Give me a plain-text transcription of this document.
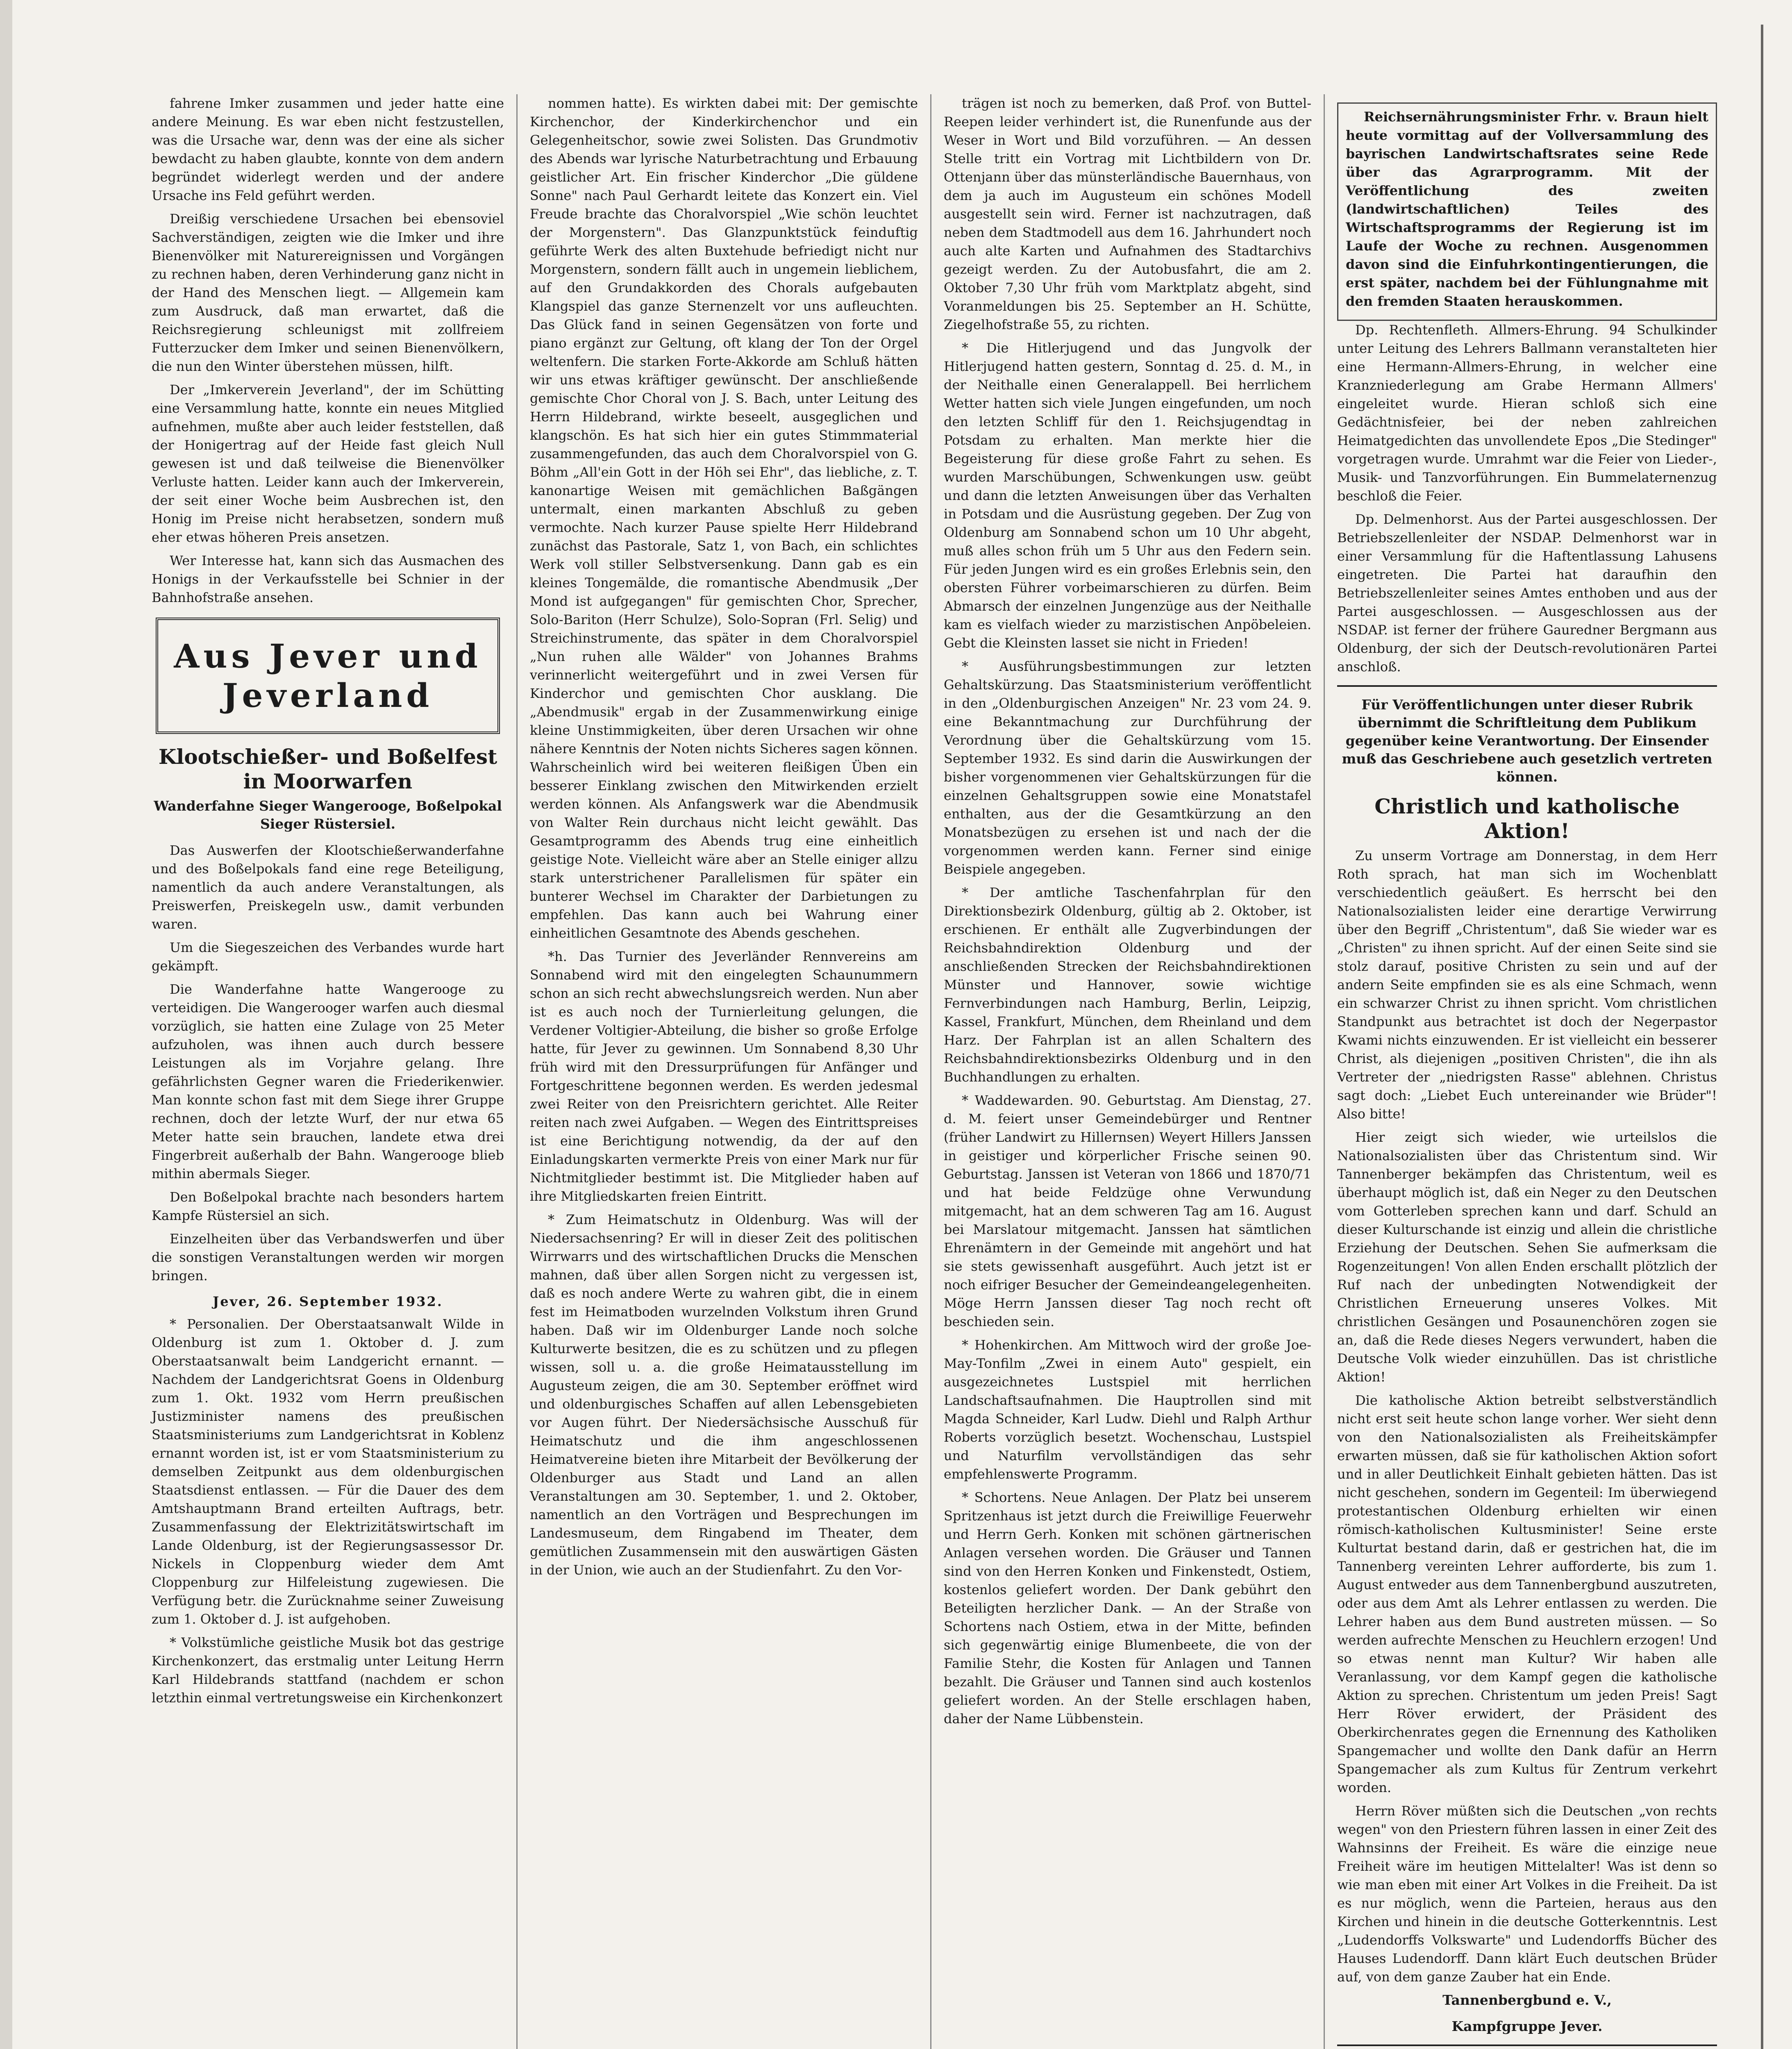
fahrene Imker zusammen und jeder hatte eine andere Meinung. Es war eben nicht festzustellen, was die Ursache war, denn was der eine als sicher bewdacht zu haben glaubte, konnte von dem andern begründet widerlegt werden und der andere Ursache ins Feld geführt werden.

Dreißig verschiedene Ursachen bei ebensoviel Sachverständigen, zeigten wie die Imker und ihre Bienenvölker mit Naturereignissen und Vorgängen zu rechnen haben, deren Verhinderung ganz nicht in der Hand des Menschen liegt. — Allgemein kam zum Ausdruck, daß man erwartet, daß die Reichsregierung schleunigst mit zollfreiem Futterzucker dem Imker und seinen Bienenvölkern, die nun den Winter überstehen müssen, hilft.

Der „Imkerverein Jeverland", der im Schütting eine Versammlung hatte, konnte ein neues Mitglied aufnehmen, mußte aber auch leider feststellen, daß der Honigertrag auf der Heide fast gleich Null gewesen ist und daß teilweise die Bienenvölker Verluste hatten. Leider kann auch der Imkerverein, der seit einer Woche beim Ausbrechen ist, den Honig im Preise nicht herabsetzen, sondern muß eher etwas höheren Preis ansetzen.

Wer Interesse hat, kann sich das Ausmachen des Honigs in der Verkaufsstelle bei Schnier in der Bahnhofstraße ansehen.

Aus Jever und Jeverland
Klootschießer- und Boßelfest in Moorwarfen
Wanderfahne Sieger Wangerooge, Boßelpokal Sieger Rüstersiel.

Das Auswerfen der Klootschießerwanderfahne und des Boßelpokals fand eine rege Beteiligung, namentlich da auch andere Veranstaltungen, als Preiswerfen, Preiskegeln usw., damit verbunden waren.

Um die Siegeszeichen des Verbandes wurde hart gekämpft.

Die Wanderfahne hatte Wangerooge zu verteidigen. Die Wangerooger warfen auch diesmal vorzüglich, sie hatten eine Zulage von 25 Meter aufzuholen, was ihnen auch durch bessere Leistungen als im Vorjahre gelang. Ihre gefährlichsten Gegner waren die Friederikenwier. Man konnte schon fast mit dem Siege ihrer Gruppe rechnen, doch der letzte Wurf, der nur etwa 65 Meter hatte sein brauchen, landete etwa drei Fingerbreit außerhalb der Bahn. Wangerooge blieb mithin abermals Sieger.

Den Boßelpokal brachte nach besonders hartem Kampfe Rüstersiel an sich.

Einzelheiten über das Verbandswerfen und über die sonstigen Veranstaltungen werden wir morgen bringen.

Jever, 26. September 1932.

* Personalien. Der Oberstaatsanwalt Wilde in Oldenburg ist zum 1. Oktober d. J. zum Oberstaatsanwalt beim Landgericht ernannt. — Nachdem der Landgerichtsrat Goens in Oldenburg zum 1. Okt. 1932 vom Herrn preußischen Justizminister namens des preußischen Staatsministeriums zum Landgerichtsrat in Koblenz ernannt worden ist, ist er vom Staatsministerium zu demselben Zeitpunkt aus dem oldenburgischen Staatsdienst entlassen. — Für die Dauer des dem Amtshauptmann Brand erteilten Auftrags, betr. Zusammenfassung der Elektrizitätswirtschaft im Lande Oldenburg, ist der Regierungsassessor Dr. Nickels in Cloppenburg wieder dem Amt Cloppenburg zur Hilfeleistung zugewiesen. Die Verfügung betr. die Zurücknahme seiner Zuweisung zum 1. Oktober d. J. ist aufgehoben.

* Volkstümliche geistliche Musik bot das gestrige Kirchenkonzert, das erstmalig unter Leitung Herrn Karl Hildebrands stattfand (nachdem er schon letzthin einmal vertretungsweise ein Kirchenkonzert

nommen hatte). Es wirkten dabei mit: Der gemischte Kirchenchor, der Kinderkirchenchor und ein Gelegenheitschor, sowie zwei Solisten. Das Grundmotiv des Abends war lyrische Naturbetrachtung und Erbauung geistlicher Art. Ein frischer Kinderchor „Die güldene Sonne" nach Paul Gerhardt leitete das Konzert ein. Viel Freude brachte das Choralvorspiel „Wie schön leuchtet der Morgenstern". Das Glanzpunktstück feinduftig geführte Werk des alten Buxtehude befriedigt nicht nur Morgenstern, sondern fällt auch in ungemein lieblichem, auf den Grundakkorden des Chorals aufgebauten Klangspiel das ganze Sternenzelt vor uns aufleuchten. Das Glück fand in seinen Gegensätzen von forte und piano ergänzt zur Geltung, oft klang der Ton der Orgel weltenfern. Die starken Forte-Akkorde am Schluß hätten wir uns etwas kräftiger gewünscht. Der anschließende gemischte Chor Choral von J. S. Bach, unter Leitung des Herrn Hildebrand, wirkte beseelt, ausgeglichen und klangschön. Es hat sich hier ein gutes Stimmmaterial zusammengefunden, das auch dem Choralvorspiel von G. Böhm „All'ein Gott in der Höh sei Ehr", das liebliche, z. T. kanonartige Weisen mit gemächlichen Baßgängen untermalt, einen markanten Abschluß zu geben vermochte. Nach kurzer Pause spielte Herr Hildebrand zunächst das Pastorale, Satz 1, von Bach, ein schlichtes Werk voll stiller Selbstversenkung. Dann gab es ein kleines Tongemälde, die romantische Abendmusik „Der Mond ist aufgegangen" für gemischten Chor, Sprecher, Solo-Bariton (Herr Schulze), Solo-Sopran (Frl. Selig) und Streichinstrumente, das später in dem Choralvorspiel „Nun ruhen alle Wälder" von Johannes Brahms verinnerlicht weitergeführt und in zwei Versen für Kinderchor und gemischten Chor ausklang. Die „Abendmusik" ergab in der Zusammenwirkung einige kleine Unstimmigkeiten, über deren Ursachen wir ohne nähere Kenntnis der Noten nichts Sicheres sagen können. Wahrscheinlich wird bei weiteren fleißigen Üben ein besserer Einklang zwischen den Mitwirkenden erzielt werden können. Als Anfangswerk war die Abendmusik von Walter Rein durchaus nicht leicht gewählt. Das Gesamtprogramm des Abends trug eine einheitlich geistige Note. Vielleicht wäre aber an Stelle einiger allzu stark unterstrichener Parallelismen für später ein bunterer Wechsel im Charakter der Darbietungen zu empfehlen. Das kann auch bei Wahrung einer einheitlichen Gesamtnote des Abends geschehen.

*h. Das Turnier des Jeverländer Rennvereins am Sonnabend wird mit den eingelegten Schaunummern schon an sich recht abwechslungsreich werden. Nun aber ist es auch noch der Turnierleitung gelungen, die Verdener Voltigier-Abteilung, die bisher so große Erfolge hatte, für Jever zu gewinnen. Um Sonnabend 8,30 Uhr früh wird mit den Dressurprüfungen für Anfänger und Fortgeschrittene begonnen werden. Es werden jedesmal zwei Reiter von den Preisrichtern gerichtet. Alle Reiter reiten nach zwei Aufgaben. — Wegen des Eintrittspreises ist eine Berichtigung notwendig, da der auf den Einladungskarten vermerkte Preis von einer Mark nur für Nichtmitglieder bestimmt ist. Die Mitglieder haben auf ihre Mitgliedskarten freien Eintritt.

* Zum Heimatschutz in Oldenburg. Was will der Niedersachsenring? Er will in dieser Zeit des politischen Wirrwarrs und des wirtschaftlichen Drucks die Menschen mahnen, daß über allen Sorgen nicht zu vergessen ist, daß es noch andere Werte zu wahren gibt, die in einem fest im Heimatboden wurzelnden Volkstum ihren Grund haben. Daß wir im Oldenburger Lande noch solche Kulturwerte besitzen, die es zu schützen und zu pflegen wissen, soll u. a. die große Heimatausstellung im Augusteum zeigen, die am 30. September eröffnet wird und oldenburgisches Schaffen auf allen Lebensgebieten vor Augen führt. Der Niedersächsische Ausschuß für Heimatschutz und die ihm angeschlossenen Heimatvereine bieten ihre Mitarbeit der Bevölkerung der Oldenburger aus Stadt und Land an allen Veranstaltungen am 30. September, 1. und 2. Oktober, namentlich an den Vorträgen und Besprechungen im Landesmuseum, dem Ringabend im Theater, dem gemütlichen Zusammensein mit den auswärtigen Gästen in der Union, wie auch an der Studienfahrt. Zu den Vor-

trägen ist noch zu bemerken, daß Prof. von Buttel-Reepen leider verhindert ist, die Runenfunde aus der Weser in Wort und Bild vorzuführen. — An dessen Stelle tritt ein Vortrag mit Lichtbildern von Dr. Ottenjann über das münsterländische Bauernhaus, von dem ja auch im Augusteum ein schönes Modell ausgestellt sein wird. Ferner ist nachzutragen, daß neben dem Stadtmodell aus dem 16. Jahrhundert noch auch alte Karten und Aufnahmen des Stadtarchivs gezeigt werden. Zu der Autobusfahrt, die am 2. Oktober 7,30 Uhr früh vom Marktplatz abgeht, sind Voranmeldungen bis 25. September an H. Schütte, Ziegelhofstraße 55, zu richten.

* Die Hitlerjugend und das Jungvolk der Hitlerjugend hatten gestern, Sonntag d. 25. d. M., in der Neithalle einen Generalappell. Bei herrlichem Wetter hatten sich viele Jungen eingefunden, um noch den letzten Schliff für den 1. Reichsjugendtag in Potsdam zu erhalten. Man merkte hier die Begeisterung für diese große Fahrt zu sehen. Es wurden Marschübungen, Schwenkungen usw. geübt und dann die letzten Anweisungen über das Verhalten in Potsdam und die Ausrüstung gegeben. Der Zug von Oldenburg am Sonnabend schon um 10 Uhr abgeht, muß alles schon früh um 5 Uhr aus den Federn sein. Für jeden Jungen wird es ein großes Erlebnis sein, den obersten Führer vorbeimarschieren zu dürfen. Beim Abmarsch der einzelnen Jungenzüge aus der Neithalle kam es vielfach wieder zu marzistischen Anpöbeleien. Gebt die Kleinsten lasset sie nicht in Frieden!

* Ausführungsbestimmungen zur letzten Gehaltskürzung. Das Staatsministerium veröffentlicht in den „Oldenburgischen Anzeigen" Nr. 23 vom 24. 9. eine Bekanntmachung zur Durchführung der Verordnung über die Gehaltskürzung vom 15. September 1932. Es sind darin die Auswirkungen der bisher vorgenommenen vier Gehaltskürzungen für die einzelnen Gehaltsgruppen sowie eine Monatstafel enthalten, aus der die Gesamtkürzung an den Monatsbezügen zu ersehen ist und nach der die vorgenommen werden kann. Ferner sind einige Beispiele angegeben.

* Der amtliche Taschenfahrplan für den Direktionsbezirk Oldenburg, gültig ab 2. Oktober, ist erschienen. Er enthält alle Zugverbindungen der Reichsbahndirektion Oldenburg und der anschließenden Strecken der Reichsbahndirektionen Münster und Hannover, sowie wichtige Fernverbindungen nach Hamburg, Berlin, Leipzig, Kassel, Frankfurt, München, dem Rheinland und dem Harz. Der Fahrplan ist an allen Schaltern des Reichsbahndirektionsbezirks Oldenburg und in den Buchhandlungen zu erhalten.

* Waddewarden. 90. Geburtstag. Am Dienstag, 27. d. M. feiert unser Gemeindebürger und Rentner (früher Landwirt zu Hillernsen) Weyert Hillers Janssen in geistiger und körperlicher Frische seinen 90. Geburtstag. Janssen ist Veteran von 1866 und 1870/71 und hat beide Feldzüge ohne Verwundung mitgemacht, hat an dem schweren Tag am 16. August bei Marslatour mitgemacht. Janssen hat sämtlichen Ehrenämtern in der Gemeinde mit angehört und hat sie stets gewissenhaft ausgeführt. Auch jetzt ist er noch eifriger Besucher der Gemeindeangelegenheiten. Möge Herrn Janssen dieser Tag noch recht oft beschieden sein.

* Hohenkirchen. Am Mittwoch wird der große Joe-May-Tonfilm „Zwei in einem Auto" gespielt, ein ausgezeichnetes Lustspiel mit herrlichen Landschaftsaufnahmen. Die Hauptrollen sind mit Magda Schneider, Karl Ludw. Diehl und Ralph Arthur Roberts vorzüglich besetzt. Wochenschau, Lustspiel und Naturfilm vervollständigen das sehr empfehlenswerte Programm.

* Schortens. Neue Anlagen. Der Platz bei unserem Spritzenhaus ist jetzt durch die Freiwillige Feuerwehr und Herrn Gerh. Konken mit schönen gärtnerischen Anlagen versehen worden. Die Gräuser und Tannen sind von den Herren Konken und Finkenstedt, Ostiem, kostenlos geliefert worden. Der Dank gebührt den Beteiligten herzlicher Dank. — An der Straße von Schortens nach Ostiem, etwa in der Mitte, befinden sich gegenwärtig einige Blumenbeete, die von der Familie Stehr, die Kosten für Anlagen und Tannen bezahlt. Die Gräuser und Tannen sind auch kostenlos geliefert worden. An der Stelle erschlagen haben, daher der Name Lübbenstein.

Reichsernährungsminister Frhr. v. Braun hielt heute vormittag auf der Vollversammlung des bayrischen Landwirtschaftsrates seine Rede über das Agrarprogramm. Mit der Veröffentlichung des zweiten (landwirtschaftlichen) Teiles des Wirtschaftsprogramms der Regierung ist im Laufe der Woche zu rechnen. Ausgenommen davon sind die Einfuhrkontingentierungen, die erst später, nachdem bei der Fühlungnahme mit den fremden Staaten herauskommen.

Dp. Rechtenfleth. Allmers-Ehrung. 94 Schulkinder unter Leitung des Lehrers Ballmann veranstalteten hier eine Hermann-Allmers-Ehrung, in welcher eine Kranzniederlegung am Grabe Hermann Allmers' eingeleitet wurde. Hieran schloß sich eine Gedächtnisfeier, bei der neben zahlreichen Heimatgedichten das unvollendete Epos „Die Stedinger" vorgetragen wurde. Umrahmt war die Feier von Lieder-, Musik- und Tanzvorführungen. Ein Bummelaternenzug beschloß die Feier.

Dp. Delmenhorst. Aus der Partei ausgeschlossen. Der Betriebszellenleiter der NSDAP. Delmenhorst war in einer Versammlung für die Haftentlassung Lahusens eingetreten. Die Partei hat daraufhin den Betriebszellenleiter seines Amtes enthoben und aus der Partei ausgeschlossen. — Ausgeschlossen aus der NSDAP. ist ferner der frühere Gauredner Bergmann aus Oldenburg, der sich der Deutsch-revolutionären Partei anschloß.

Für Veröffentlichungen unter dieser Rubrik übernimmt die Schriftleitung dem Publikum gegenüber keine Verantwortung. Der Einsender muß das Geschriebene auch gesetzlich vertreten können.
Christlich und katholische Aktion!

Zu unserm Vortrage am Donnerstag, in dem Herr Roth sprach, hat man sich im Wochenblatt verschiedentlich geäußert. Es herrscht bei den Nationalsozialisten leider eine derartige Verwirrung über den Begriff „Christentum", daß Sie wieder war es „Christen" zu ihnen spricht. Auf der einen Seite sind sie stolz darauf, positive Christen zu sein und auf der andern Seite empfinden sie es als eine Schmach, wenn ein schwarzer Christ zu ihnen spricht. Vom christlichen Standpunkt aus betrachtet ist doch der Negerpastor Kwami nichts einzuwenden. Er ist vielleicht ein besserer Christ, als diejenigen „positiven Christen", die ihn als Vertreter der „niedrigsten Rasse" ablehnen. Christus sagt doch: „Liebet Euch untereinander wie Brüder"! Also bitte!

Hier zeigt sich wieder, wie urteilslos die Nationalsozialisten über das Christentum sind. Wir Tannenberger bekämpfen das Christentum, weil es überhaupt möglich ist, daß ein Neger zu den Deutschen vom Gotterleben sprechen kann und darf. Schuld an dieser Kulturschande ist einzig und allein die christliche Erziehung der Deutschen. Sehen Sie aufmerksam die Rogenzeitungen! Von allen Enden erschallt plötzlich der Ruf nach der unbedingten Notwendigkeit der Christlichen Erneuerung unseres Volkes. Mit christlichen Gesängen und Posaunenchören zogen sie an, daß die Rede dieses Negers verwundert, haben die Deutsche Volk wieder einzuhüllen. Das ist christliche Aktion!

Die katholische Aktion betreibt selbstverständlich nicht erst seit heute schon lange vorher. Wer sieht denn von den Nationalsozialisten als Freiheitskämpfer erwarten müssen, daß sie für katholischen Aktion sofort und in aller Deutlichkeit Einhalt gebieten hätten. Das ist nicht geschehen, sondern im Gegenteil: Im überwiegend protestantischen Oldenburg erhielten wir einen römisch-katholischen Kultusminister! Seine erste Kulturtat bestand darin, daß er gestrichen hat, die im Tannenberg vereinten Lehrer aufforderte, bis zum 1. August entweder aus dem Tannenbergbund auszutreten, oder aus dem Amt als Lehrer entlassen zu werden. Die Lehrer haben aus dem Bund austreten müssen. — So werden aufrechte Menschen zu Heuchlern erzogen! Und so etwas nennt man Kultur? Wir haben alle Veranlassung, vor dem Kampf gegen die katholische Aktion zu sprechen. Christentum um jeden Preis! Sagt Herr Röver erwidert, der Präsident des Oberkirchenrates gegen die Ernennung des Katholiken Spangemacher und wollte den Dank dafür an Herrn Spangemacher als zum Kultus für Zentrum verkehrt worden.

Herrn Röver müßten sich die Deutschen „von rechts wegen" von den Priestern führen lassen in einer Zeit des Wahnsinns der Freiheit. Es wäre die einzige neue Freiheit wäre im heutigen Mittelalter! Was ist denn so wie man eben mit einer Art Volkes in die Freiheit. Da ist es nur möglich, wenn die Parteien, heraus aus den Kirchen und hinein in die deutsche Gotterkenntnis. Lest „Ludendorffs Volkswarte" und Ludendorffs Bücher des Hauses Ludendorff. Dann klärt Euch deutschen Brüder auf, von dem ganze Zauber hat ein Ende.

Tannenbergbund e. V.,
Kampfgruppe Jever.
